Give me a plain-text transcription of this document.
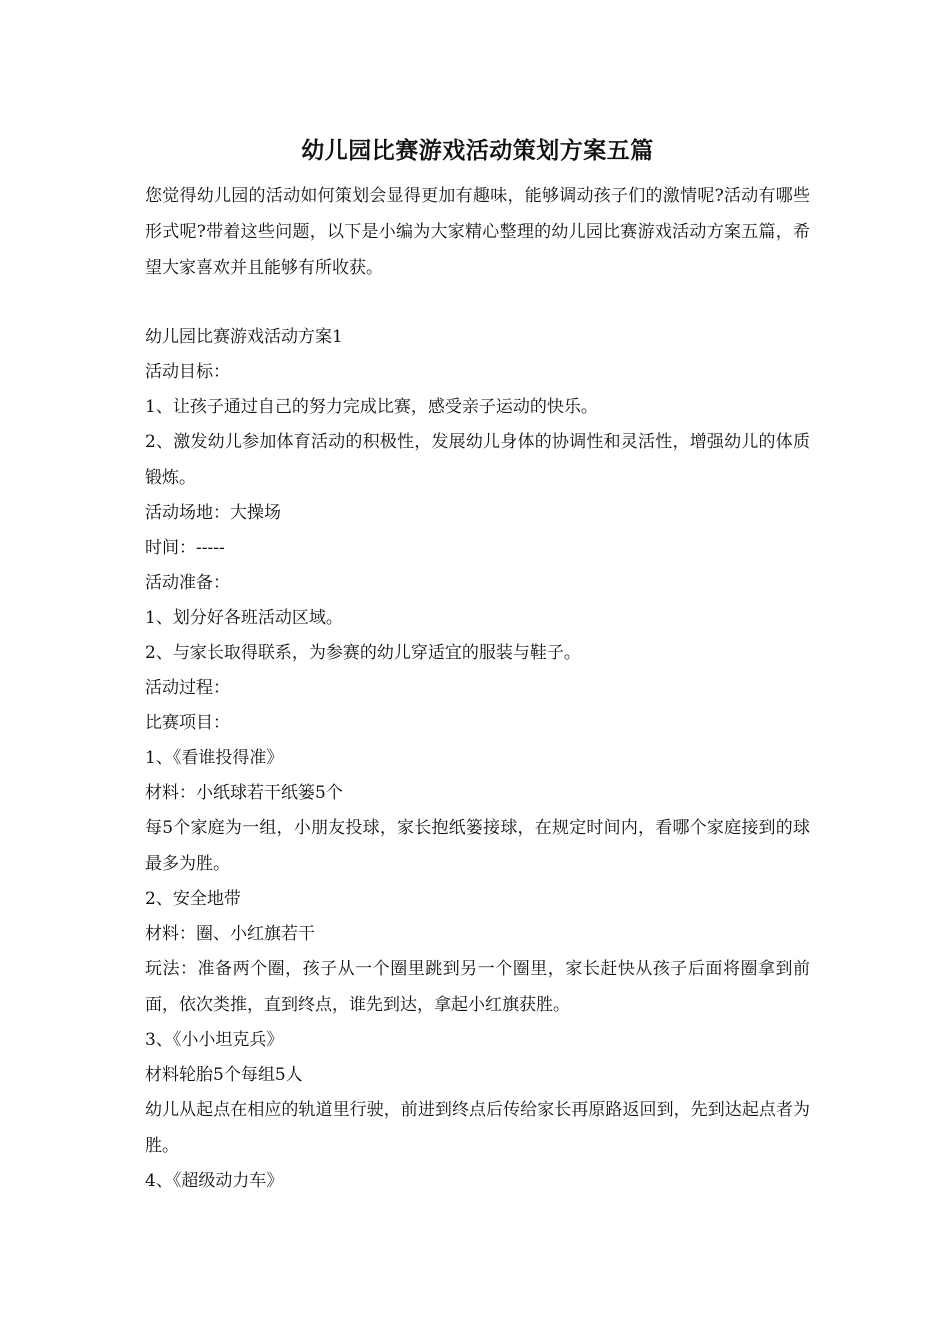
幼儿园比赛游戏活动策划方案五篇

您觉得幼儿园的活动如何策划会显得更加有趣味，能够调动孩子们的激情呢?活动有哪些形式呢?带着这些问题，以下是小编为大家精心整理的幼儿园比赛游戏活动方案五篇，希望大家喜欢并且能够有所收获。

幼儿园比赛游戏活动方案1

活动目标：

1、让孩子通过自己的努力完成比赛，感受亲子运动的快乐。

2、激发幼儿参加体育活动的积极性，发展幼儿身体的协调性和灵活性，增强幼儿的体质锻炼。

活动场地：大操场

时间：-----

活动准备：

1、划分好各班活动区域。

2、与家长取得联系，为参赛的幼儿穿适宜的服装与鞋子。

活动过程：

比赛项目：

1、《看谁投得准》

材料：小纸球若干纸篓5个

每5个家庭为一组，小朋友投球，家长抱纸篓接球，在规定时间内，看哪个家庭接到的球最多为胜。

2、安全地带

材料：圈、小红旗若干

玩法：准备两个圈，孩子从一个圈里跳到另一个圈里，家长赶快从孩子后面将圈拿到前面，依次类推，直到终点，谁先到达，拿起小红旗获胜。

3、《小小坦克兵》

材料轮胎5个每组5人

幼儿从起点在相应的轨道里行驶，前进到终点后传给家长再原路返回到，先到达起点者为胜。

4、《超级动力车》
